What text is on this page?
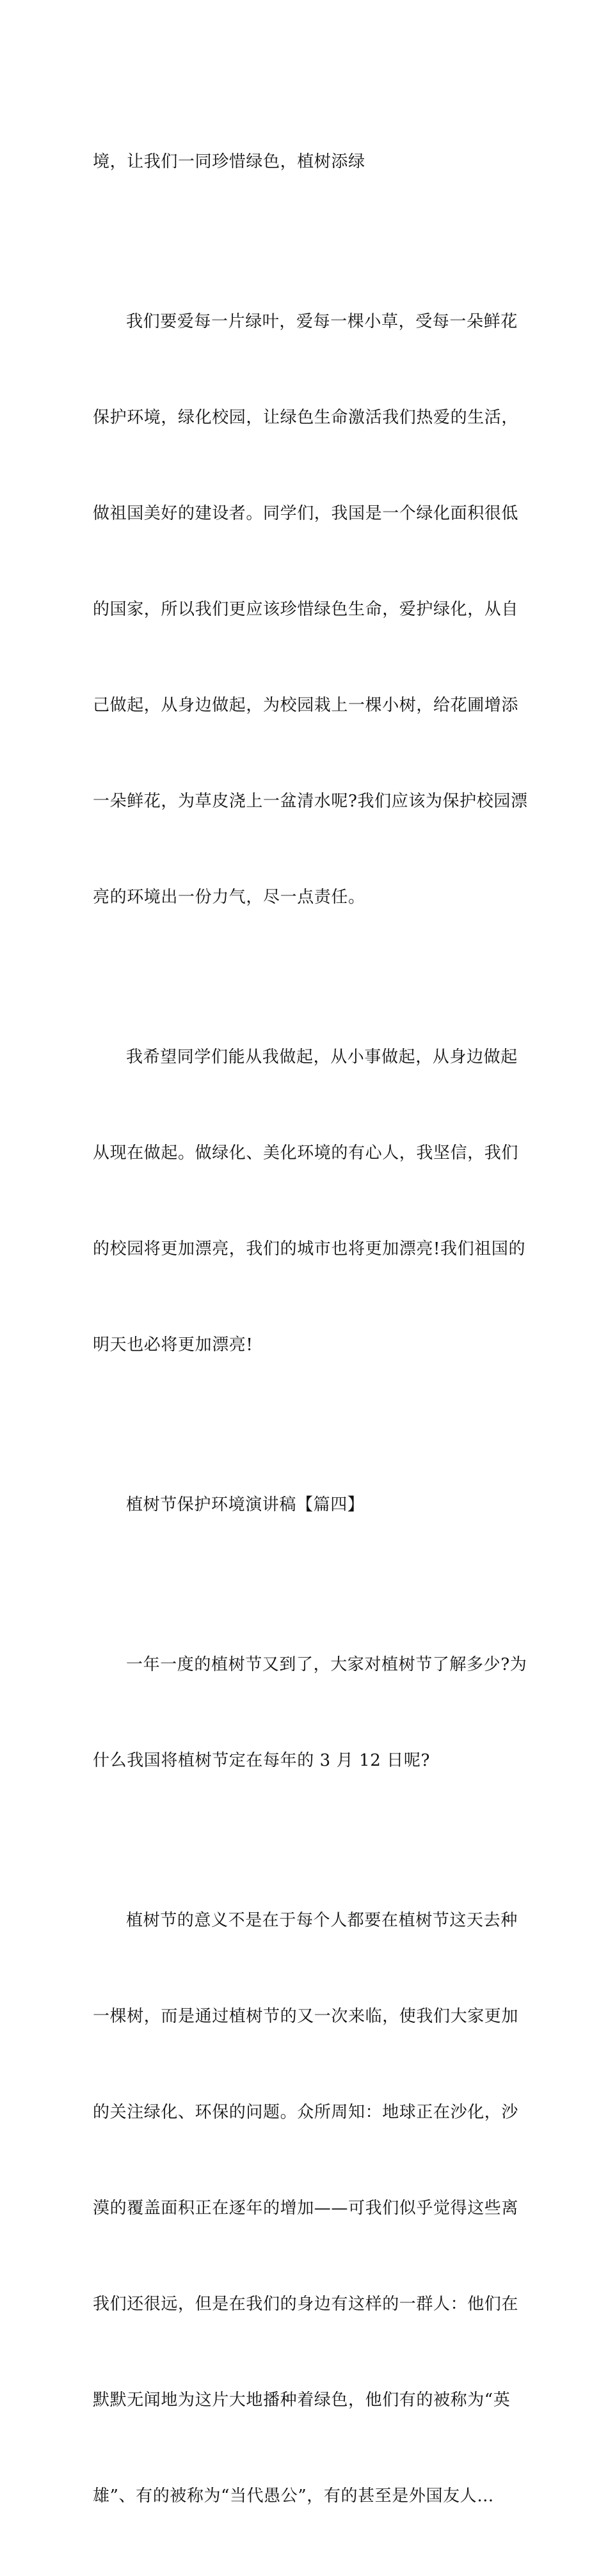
境，让我们一同珍惜绿色，植树添绿

我们要爱每一片绿叶，爱每一棵小草，受每一朵鲜花

保护环境，绿化校园，让绿色生命激活我们热爱的生活，

做祖国美好的建设者。同学们，我国是一个绿化面积很低

的国家，所以我们更应该珍惜绿色生命，爱护绿化，从自

己做起，从身边做起，为校园栽上一棵小树，给花圃增添

一朵鲜花，为草皮浇上一盆清水呢?我们应该为保护校园漂

亮的环境出一份力气，尽一点责任。

我希望同学们能从我做起，从小事做起，从身边做起

从现在做起。做绿化、美化环境的有心人，我坚信，我们

的校园将更加漂亮，我们的城市也将更加漂亮!我们祖国的

明天也必将更加漂亮!

植树节保护环境演讲稿【篇四】

一年一度的植树节又到了，大家对植树节了解多少?为

什么我国将植树节定在每年的 3 月 12 日呢?

植树节的意义不是在于每个人都要在植树节这天去种

一棵树，而是通过植树节的又一次来临，使我们大家更加

的关注绿化、环保的问题。众所周知：地球正在沙化，沙

漠的覆盖面积正在逐年的增加——可我们似乎觉得这些离

我们还很远，但是在我们的身边有这样的一群人：他们在

默默无闻地为这片大地播种着绿色，他们有的被称为“英

雄”、有的被称为“当代愚公”，有的甚至是外国友人…
